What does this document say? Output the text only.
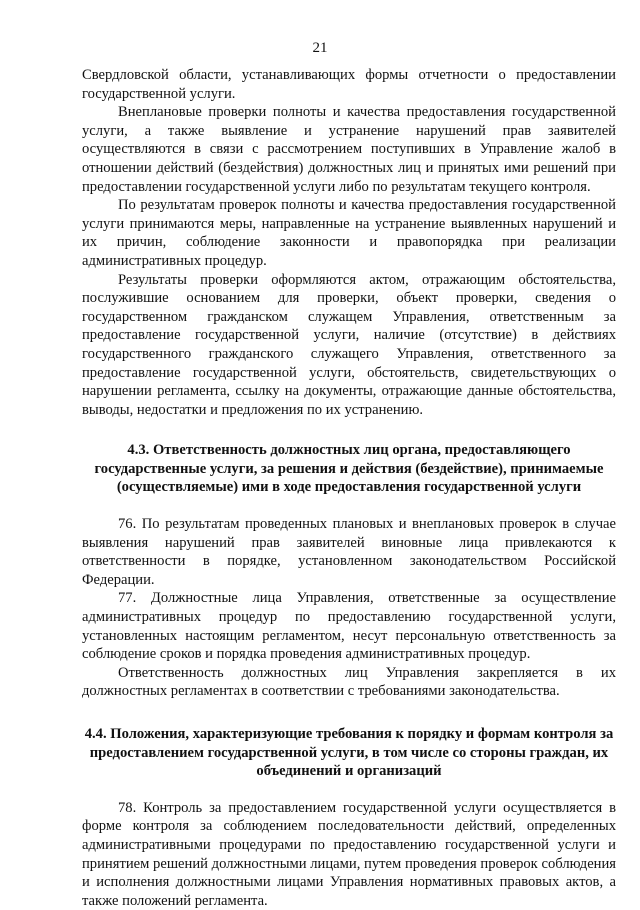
21

Свердловской области, устанавливающих формы отчетности о предоставлении государственной услуги.

Внеплановые проверки полноты и качества предоставления государственной услуги, а также выявление и устранение нарушений прав заявителей осуществляются в связи с рассмотрением поступивших в Управление жалоб в отношении действий (бездействия) должностных лиц и принятых ими решений при предоставлении государственной услуги либо по результатам текущего контроля.

По результатам проверок полноты и качества предоставления государственной услуги принимаются меры, направленные на устранение выявленных нарушений и их причин, соблюдение законности и правопорядка при реализации административных процедур.

Результаты проверки оформляются актом, отражающим обстоятельства, послужившие основанием для проверки, объект проверки, сведения о государственном гражданском служащем Управления, ответственным за предоставление государственной услуги, наличие (отсутствие) в действиях государственного гражданского служащего Управления, ответственного за предоставление государственной услуги, обстоятельств, свидетельствующих о нарушении регламента, ссылку на документы, отражающие данные обстоятельства, выводы, недостатки и предложения по их устранению.

4.3. Ответственность должностных лиц органа, предоставляющего государственные услуги, за решения и действия (бездействие), принимаемые (осуществляемые) ими в ходе предоставления государственной услуги

76. По результатам проведенных плановых и внеплановых проверок в случае выявления нарушений прав заявителей виновные лица привлекаются к ответственности в порядке, установленном законодательством Российской Федерации.

77. Должностные лица Управления, ответственные за осуществление административных процедур по предоставлению государственной услуги, установленных настоящим регламентом, несут персональную ответственность за соблюдение сроков и порядка проведения административных процедур.

Ответственность должностных лиц Управления закрепляется в их должностных регламентах в соответствии с требованиями законодательства.

4.4. Положения, характеризующие требования к порядку и формам контроля за предоставлением государственной услуги, в том числе со стороны граждан, их объединений и организаций

78. Контроль за предоставлением государственной услуги осуществляется в форме контроля за соблюдением последовательности действий, определенных административными процедурами по предоставлению государственной услуги и принятием решений должностными лицами, путем проведения проверок соблюдения и исполнения должностными лицами Управления нормативных правовых актов, а также положений регламента.
